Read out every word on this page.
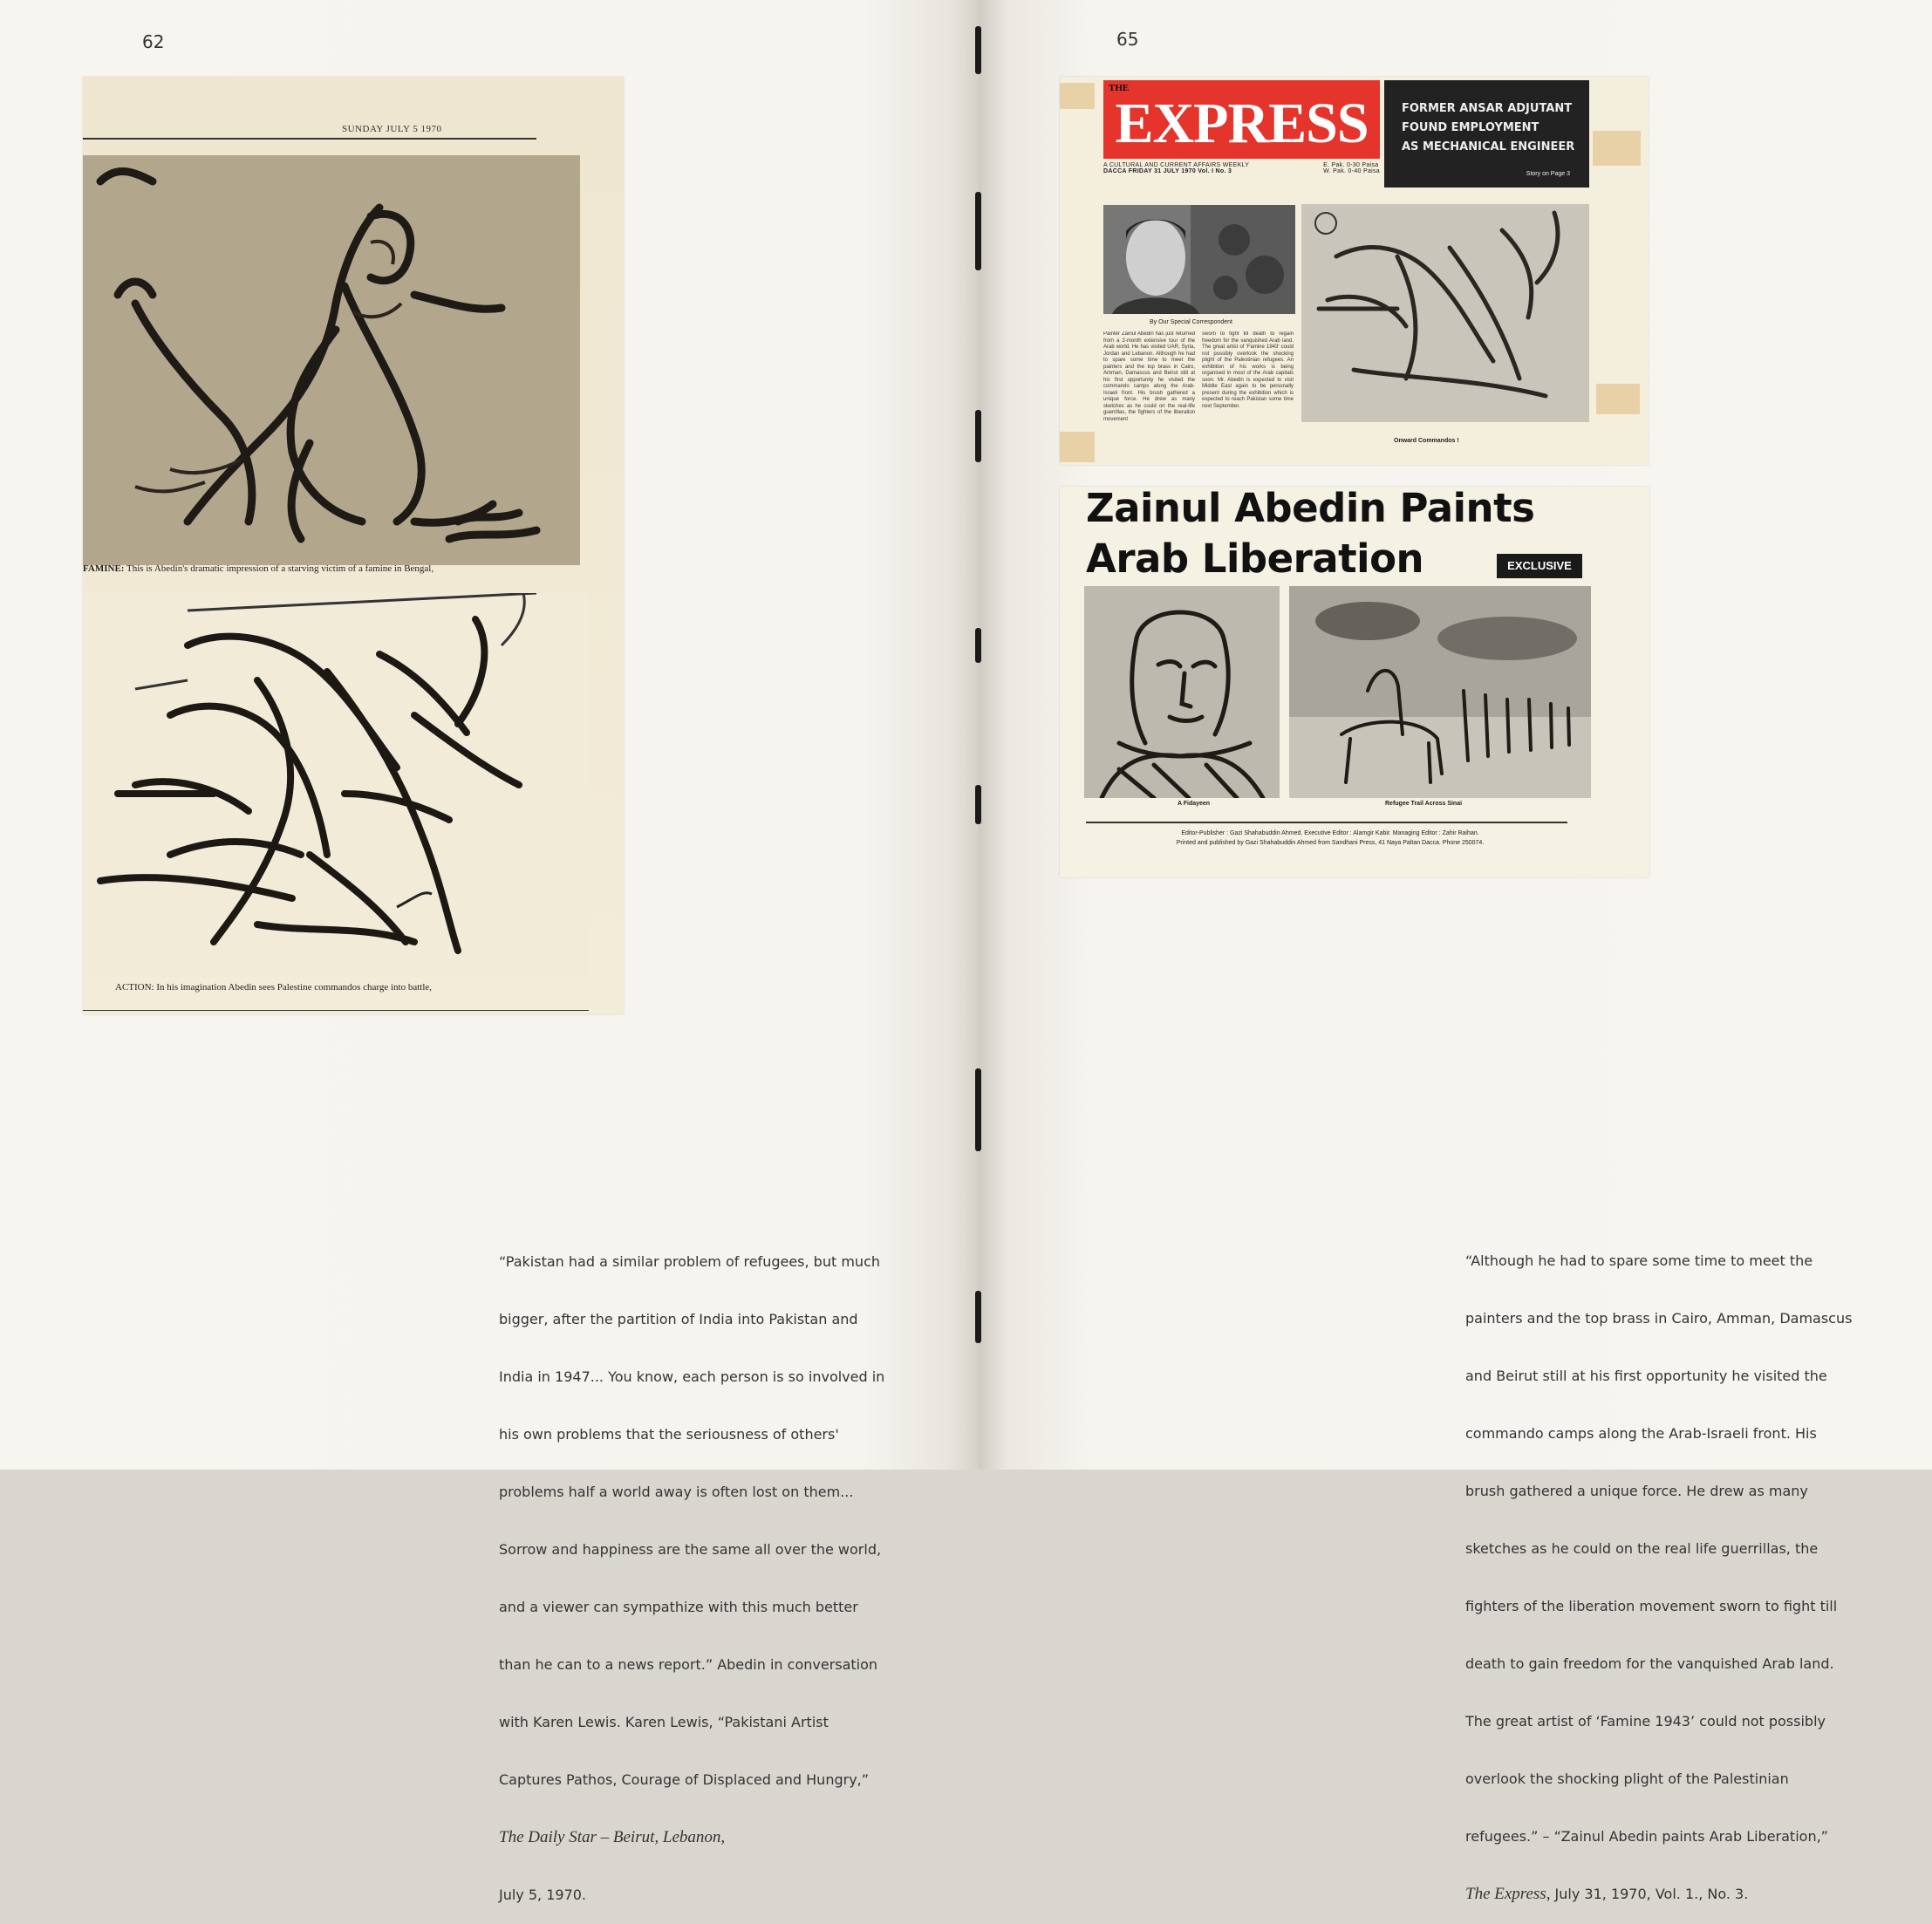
62
SUNDAY JULY 5 1970
FAMINE: This is Abedin's dramatic impression of a starving victim of a famine in Bengal,
ACTION: In his imagination Abedin sees Palestine commandos charge into battle,

“Pakistan had a similar problem of refugees, but much

bigger, after the partition of India into Pakistan and

India in 1947... You know, each person is so involved in

his own problems that the seriousness of others'

problems half a world away is often lost on them...

Sorrow and happiness are the same all over the world,

and a viewer can sympathize with this much better

than he can to a news report.” Abedin in conversation

with Karen Lewis. Karen Lewis, “Pakistani Artist

Captures Pathos, Courage of Displaced and Hungry,”

The Daily Star – Beirut, Lebanon,

July 5, 1970.

65
THE
EXPRESS
A CULTURAL AND CURRENT AFFAIRS WEEKLY
DACCA FRIDAY 31 JULY 1970 Vol. I No. 3
E. Pak. 0-30 Paisa
W. Pak. 0-40 Paisa
FORMER ANSAR ADJUTANT
FOUND EMPLOYMENT
AS MECHANICAL ENGINEER
Story on Page 3
By Our Special Correspondent
Painter Zainul Abedin has just returned from a 2-month extensive tour of the Arab world. He has visited UAR, Syria, Jordan and Lebanon. Although he had to spare some time to meet the painters and the top brass in Cairo, Amman, Damascus and Beirut still at his first opportunity he visited the commando camps along the Arab-Israeli front. His brush gathered a unique force. He drew as many sketches as he could on the real-life guerrillas, the fighters of the liberation movement
sworn to fight till death to regain freedom for the vanquished Arab land. The great artist of 'Famine 1943' could not possibly overlook the shocking plight of the Palestinian refugees. An exhibition of his works is being organised in most of the Arab capitals soon. Mr. Abedin is expected to visit Middle East again to be personally present during the exhibition which is expected to reach Pakistan some time next September.
Onward Commandos !
Zainul Abedin Paints
Arab Liberation	EXCLUSIVE
A Fidayeen	Refugee Trail Across Sinai
Editor-Publisher : Gazi Shahabuddin Ahmed. Executive Editor : Alamgir Kabir. Managing Editor : Zahir Raihan.
Printed and published by Gazi Shahabuddin Ahmed from Sandhani Press, 41 Naya Paltan Dacca. Phone 250074.

“Although he had to spare some time to meet the

painters and the top brass in Cairo, Amman, Damascus

and Beirut still at his first opportunity he visited the

commando camps along the Arab-Israeli front. His

brush gathered a unique force. He drew as many

sketches as he could on the real life guerrillas, the

fighters of the liberation movement sworn to fight till

death to gain freedom for the vanquished Arab land.

The great artist of ‘Famine 1943’ could not possibly

overlook the shocking plight of the Palestinian

refugees.” – “Zainul Abedin paints Arab Liberation,”

The Express, July 31, 1970, Vol. 1., No. 3.
